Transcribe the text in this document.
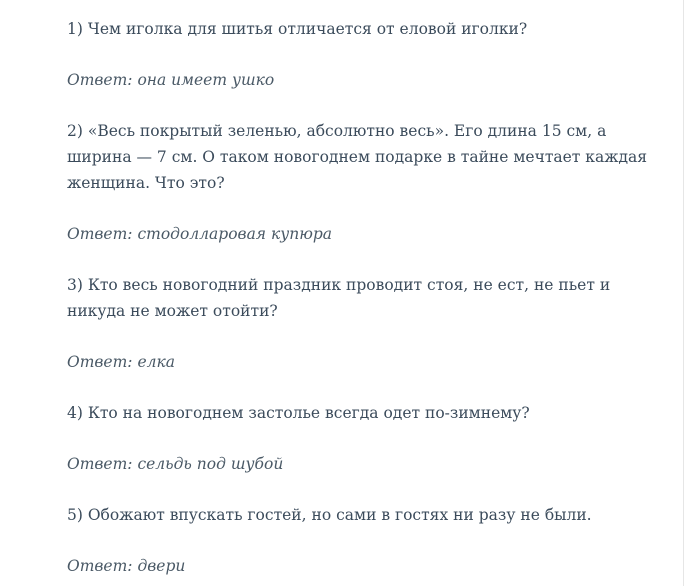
1) Чем иголка для шитья отличается от еловой иголки?

Ответ: она имеет ушко

2) «Весь покрытый зеленью, абсолютно весь». Его длина 15 см, а ширина — 7 см. О таком новогоднем подарке в тайне мечтает каждая женщина. Что это?

Ответ: стодолларовая купюра

3) Кто весь новогодний праздник проводит стоя, не ест, не пьет и никуда не может отойти?

Ответ: елка

4) Кто на новогоднем застолье всегда одет по-зимнему?

Ответ: сельдь под шубой

5) Обожают впускать гостей, но сами в гостях ни разу не были.

Ответ: двери
